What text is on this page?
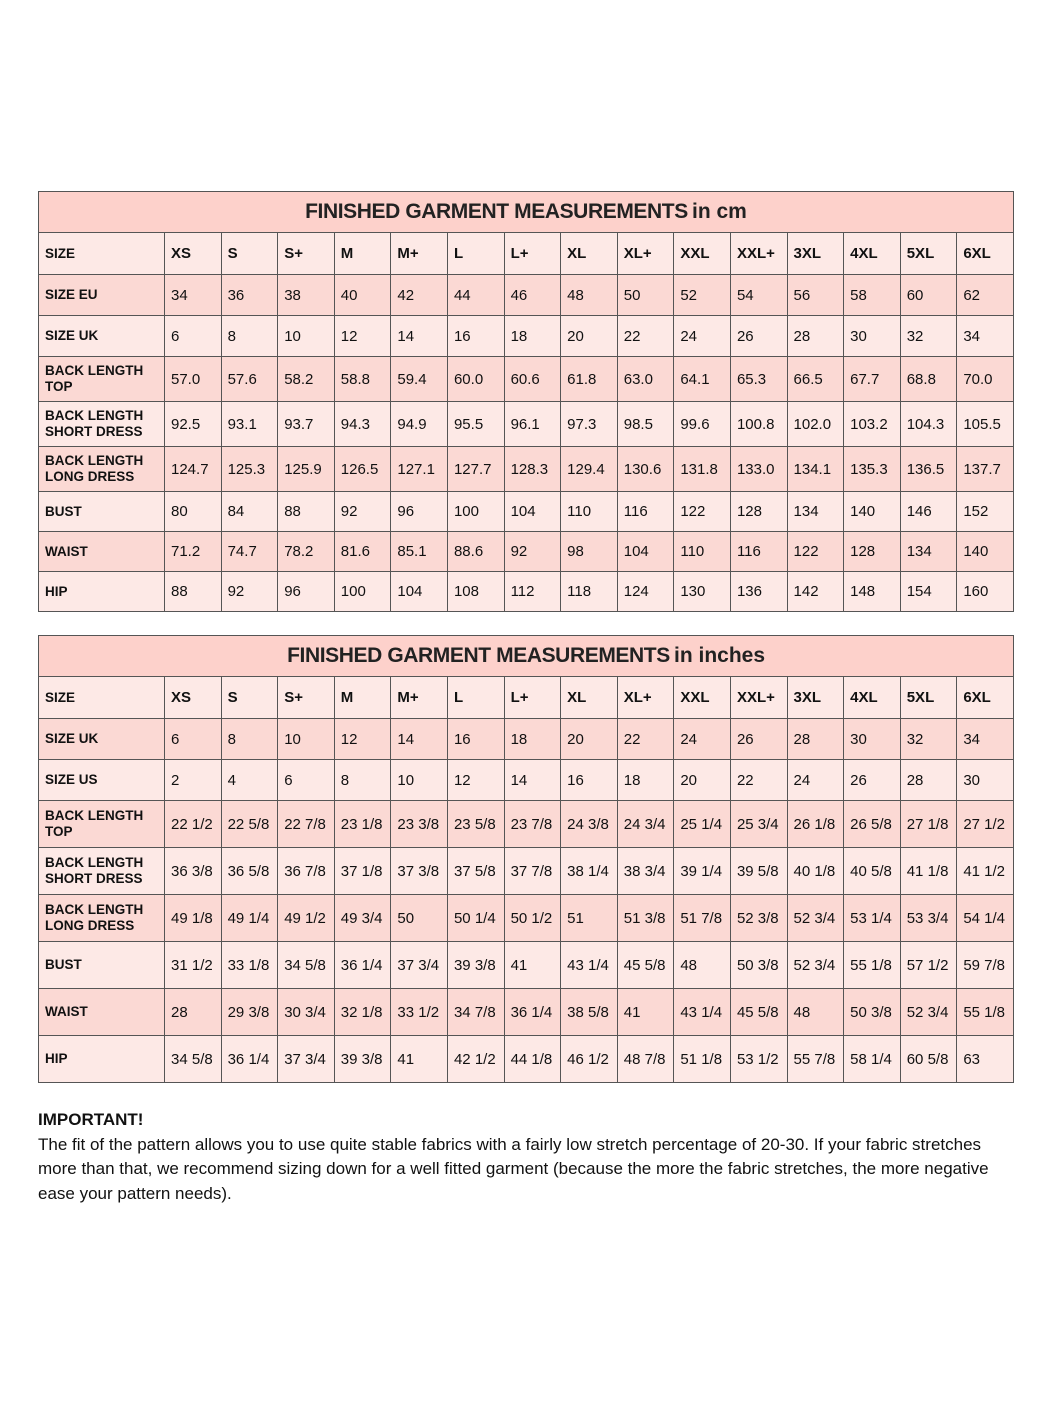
FINISHED GARMENT MEASUREMENTS in cm															
SIZE	XS	S	S+	M	M+	L	L+	XL	XL+	XXL	XXL+	3XL	4XL	5XL	6XL
SIZE EU	34	36	38	40	42	44	46	48	50	52	54	56	58	60	62
SIZE UK	6	8	10	12	14	16	18	20	22	24	26	28	30	32	34
BACK LENGTH TOP	57.0	57.6	58.2	58.8	59.4	60.0	60.6	61.8	63.0	64.1	65.3	66.5	67.7	68.8	70.0
BACK LENGTH SHORT DRESS	92.5	93.1	93.7	94.3	94.9	95.5	96.1	97.3	98.5	99.6	100.8	102.0	103.2	104.3	105.5
BACK LENGTH LONG DRESS	124.7	125.3	125.9	126.5	127.1	127.7	128.3	129.4	130.6	131.8	133.0	134.1	135.3	136.5	137.7
BUST	80	84	88	92	96	100	104	110	116	122	128	134	140	146	152
WAIST	71.2	74.7	78.2	81.6	85.1	88.6	92	98	104	110	116	122	128	134	140
HIP	88	92	96	100	104	108	112	118	124	130	136	142	148	154	160
FINISHED GARMENT MEASUREMENTS in inches															
SIZE	XS	S	S+	M	M+	L	L+	XL	XL+	XXL	XXL+	3XL	4XL	5XL	6XL
SIZE UK	6	8	10	12	14	16	18	20	22	24	26	28	30	32	34
SIZE US	2	4	6	8	10	12	14	16	18	20	22	24	26	28	30
BACK LENGTH TOP	22 1/2	22 5/8	22 7/8	23 1/8	23 3/8	23 5/8	23 7/8	24 3/8	24 3/4	25 1/4	25 3/4	26 1/8	26 5/8	27 1/8	27 1/2
BACK LENGTH SHORT DRESS	36 3/8	36 5/8	36 7/8	37 1/8	37 3/8	37 5/8	37 7/8	38 1/4	38 3/4	39 1/4	39 5/8	40 1/8	40 5/8	41 1/8	41 1/2
BACK LENGTH LONG DRESS	49 1/8	49 1/4	49 1/2	49 3/4	50	50 1/4	50 1/2	51	51 3/8	51 7/8	52 3/8	52 3/4	53 1/4	53 3/4	54 1/4
BUST	31 1/2	33 1/8	34 5/8	36 1/4	37 3/4	39 3/8	41	43 1/4	45 5/8	48	50 3/8	52 3/4	55 1/8	57 1/2	59 7/8
WAIST	28	29 3/8	30 3/4	32 1/8	33 1/2	34 7/8	36 1/4	38 5/8	41	43 1/4	45 5/8	48	50 3/8	52 3/4	55 1/8
HIP	34 5/8	36 1/4	37 3/4	39 3/8	41	42 1/2	44 1/8	46 1/2	48 7/8	51 1/8	53 1/2	55 7/8	58 1/4	60 5/8	63
IMPORTANT!
The fit of the pattern allows you to use quite stable fabrics with a fairly low stretch percentage of 20-30. If your fabric stretches more than that, we recommend sizing down for a well fitted garment (because the more the fabric stretches, the more negative ease your pattern needs).
